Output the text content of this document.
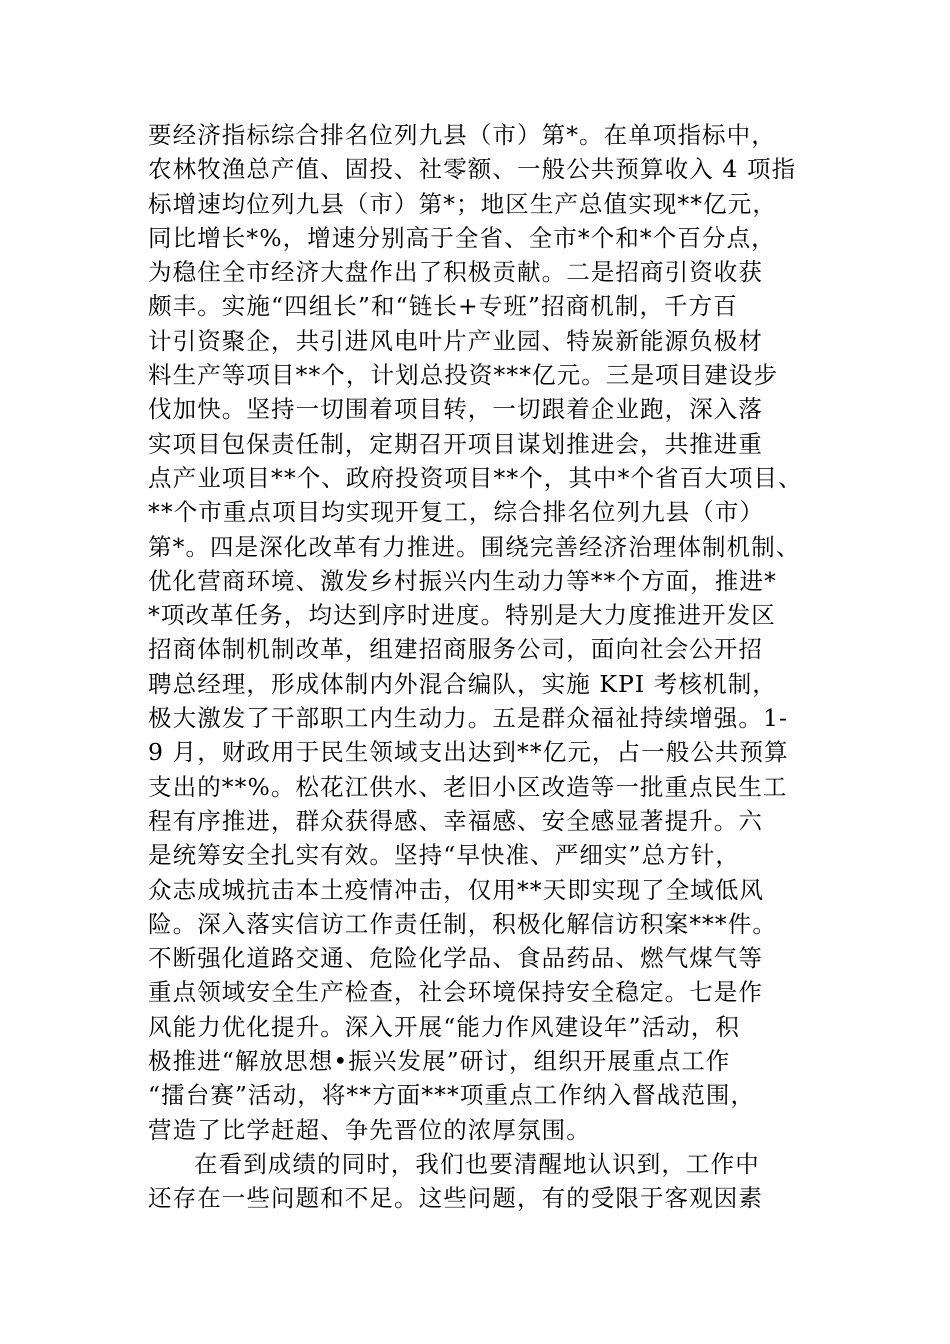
要经济指标综合排名位列九县（市）第*。在单项指标中，
农林牧渔总产值、固投、社零额、一般公共预算收入 4 项指
标增速均位列九县（市）第*；地区生产总值实现**亿元，
同比增长*%，增速分别高于全省、全市*个和*个百分点，
为稳住全市经济大盘作出了积极贡献。二是招商引资收获
颇丰。实施“四组长”和“链长+专班”招商机制，千方百
计引资聚企，共引进风电叶片产业园、特炭新能源负极材
料生产等项目**个，计划总投资***亿元。三是项目建设步
伐加快。坚持一切围着项目转，一切跟着企业跑，深入落
实项目包保责任制，定期召开项目谋划推进会，共推进重
点产业项目**个、政府投资项目**个，其中*个省百大项目、
**个市重点项目均实现开复工，综合排名位列九县（市）
第*。四是深化改革有力推进。围绕完善经济治理体制机制、
优化营商环境、激发乡村振兴内生动力等**个方面，推进*
*项改革任务，均达到序时进度。特别是大力度推进开发区
招商体制机制改革，组建招商服务公司，面向社会公开招
聘总经理，形成体制内外混合编队，实施 KPI 考核机制，
极大激发了干部职工内生动力。五是群众福祉持续增强。1-
9 月，财政用于民生领域支出达到**亿元，占一般公共预算
支出的**%。松花江供水、老旧小区改造等一批重点民生工
程有序推进，群众获得感、幸福感、安全感显著提升。六
是统筹安全扎实有效。坚持“早快准、严细实”总方针，
众志成城抗击本土疫情冲击，仅用**天即实现了全域低风
险。深入落实信访工作责任制，积极化解信访积案***件。
不断强化道路交通、危险化学品、食品药品、燃气煤气等
重点领域安全生产检查，社会环境保持安全稳定。七是作
风能力优化提升。深入开展“能力作风建设年”活动，积
极推进“解放思想•振兴发展”研讨，组织开展重点工作
“擂台赛”活动，将**方面***项重点工作纳入督战范围，
营造了比学赶超、争先晋位的浓厚氛围。
在看到成绩的同时，我们也要清醒地认识到，工作中
还存在一些问题和不足。这些问题，有的受限于客观因素
